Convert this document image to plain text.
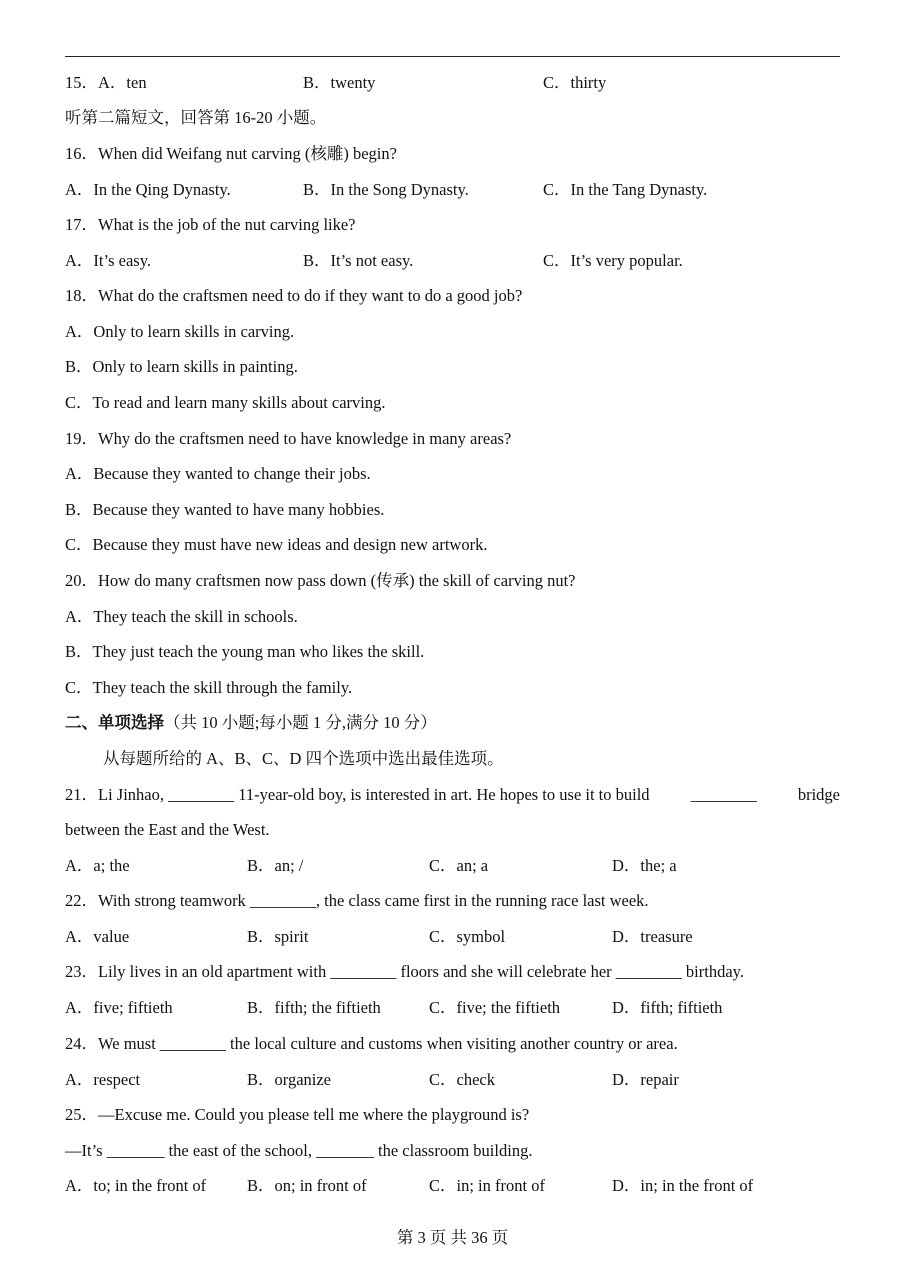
15．A．ten	B．twenty	C．thirty
听第二篇短文，回答第 16-20 小题。
16．When did Weifang nut carving (核雕) begin?
A．In the Qing Dynasty.	B．In the Song Dynasty.	C．In the Tang Dynasty.
17．What is the job of the nut carving like?
A．It’s easy.	B．It’s not easy.	C．It’s very popular.
18．What do the craftsmen need to do if they want to do a good job?
A．Only to learn skills in carving.
B．Only to learn skills in painting.
C．To read and learn many skills about carving.
19．Why do the craftsmen need to have knowledge in many areas?
A．Because they wanted to change their jobs.
B．Because they wanted to have many hobbies.
C．Because they must have new ideas and design new artwork.
20．How do many craftsmen now pass down (传承) the skill of carving nut?
A．They teach the skill in schools.
B．They just teach the young man who likes the skill.
C．They teach the skill through the family.
二、单项选择（共 10 小题;每小题 1 分,满分 10 分）
从每题所给的 A、B、C、D 四个选项中选出最佳选项。
21．Li Jinhao, ________ 11-year-old boy, is interested in art. He hopes to use it to build ________ bridge
between the East and the West.
A．a; the	B．an; /	C．an; a	D．the; a
22．With strong teamwork ________, the class came first in the running race last week.
A．value	B．spirit	C．symbol	D．treasure
23．Lily lives in an old apartment with ________ floors and she will celebrate her ________ birthday.
A．five; fiftieth	B．fifth; the fiftieth	C．five; the fiftieth	D．fifth; fiftieth
24．We must ________ the local culture and customs when visiting another country or area.
A．respect	B．organize	C．check	D．repair
25．—Excuse me. Could you please tell me where the playground is?
—It’s _______ the east of the school, _______ the classroom building.
A．to; in the front of B．on; in front of	C．in; in front of	D．in; in the front of
第 3 页 共 36 页
